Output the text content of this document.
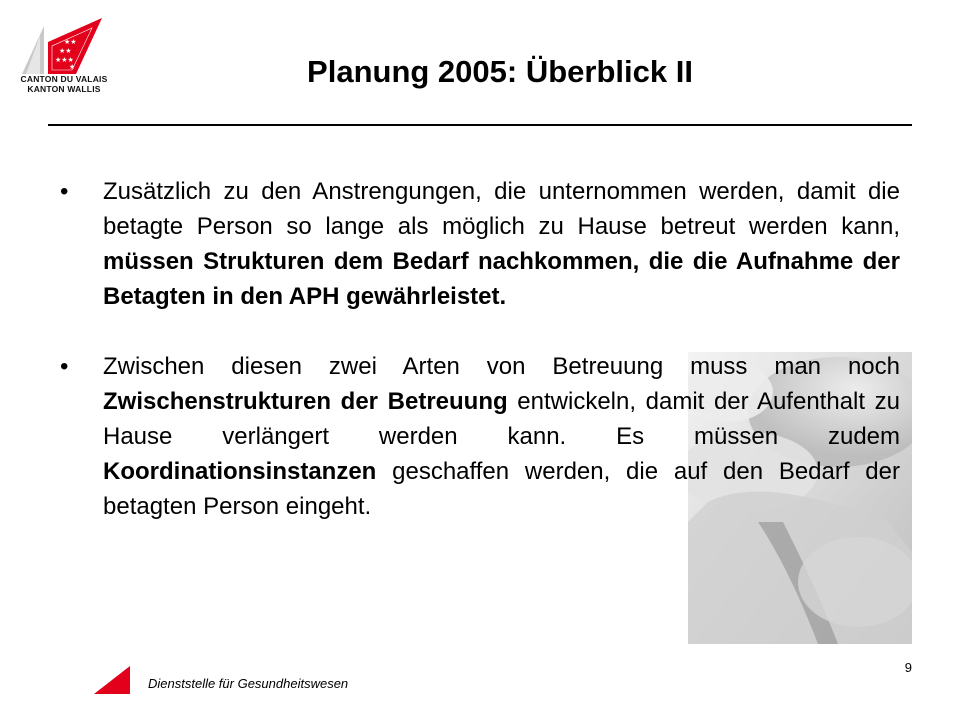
★★
★★
★★★
★
CANTON DU VALAIS
KANTON WALLIS	Planung 2005: Überblick II
• Zusätzlich zu den Anstrengungen, die unternommen werden, damit die betagte Person so lange als möglich zu Hause betreut werden kann, müssen Strukturen dem Bedarf nachkommen, die die Aufnahme der Betagten in den APH gewährleistet.

• Zwischen diesen zwei Arten von Betreuung muss man noch Zwischenstrukturen der Betreuung entwickeln, damit der Aufenthalt zu Hause verlängert werden kann. Es müssen zudem Koordinationsinstanzen geschaffen werden, die auf den Bedarf der betagten Person eingeht.

Dienststelle für Gesundheitswesen
9
